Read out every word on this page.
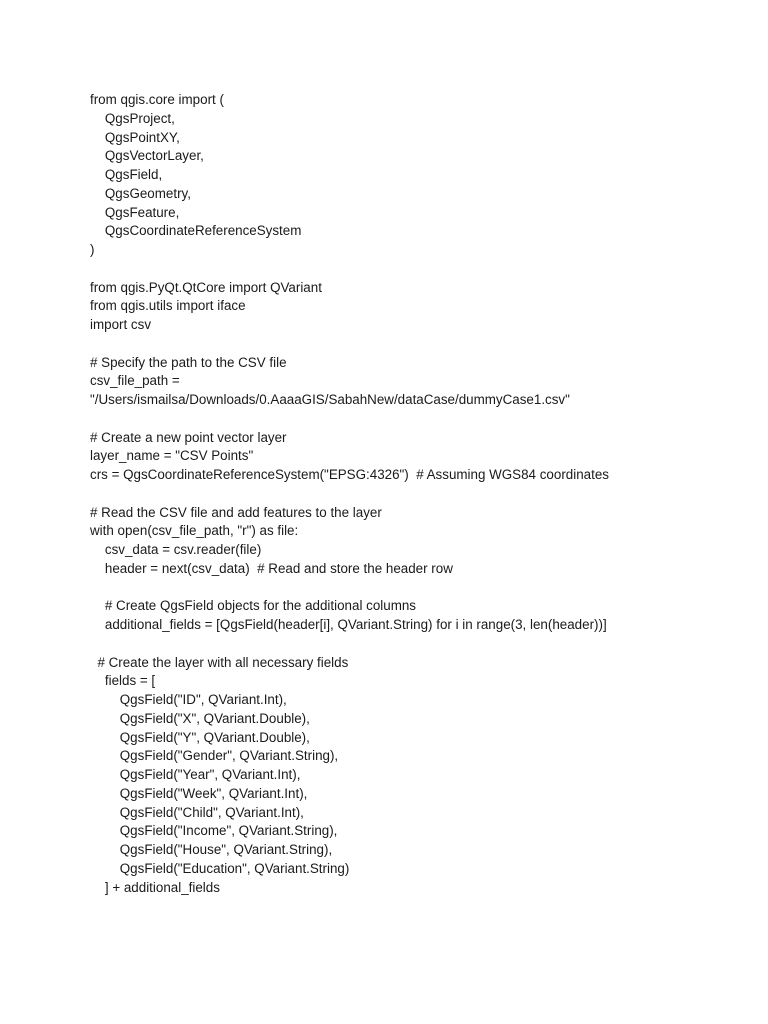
from qgis.core import (
QgsProject,
QgsPointXY,
QgsVectorLayer,
QgsField,
QgsGeometry,
QgsFeature,
QgsCoordinateReferenceSystem
)
from qgis.PyQt.QtCore import QVariant
from qgis.utils import iface
import csv
# Specify the path to the CSV file
csv_file_path =
"/Users/ismailsa/Downloads/0.AaaaGIS/SabahNew/dataCase/dummyCase1.csv"
# Create a new point vector layer
layer_name = "CSV Points"
crs = QgsCoordinateReferenceSystem("EPSG:4326")  # Assuming WGS84 coordinates
# Read the CSV file and add features to the layer
with open(csv_file_path, "r") as file:
csv_data = csv.reader(file)
header = next(csv_data)  # Read and store the header row
# Create QgsField objects for the additional columns
additional_fields = [QgsField(header[i], QVariant.String) for i in range(3, len(header))]
# Create the layer with all necessary fields
fields = [
QgsField("ID", QVariant.Int),
QgsField("X", QVariant.Double),
QgsField("Y", QVariant.Double),
QgsField("Gender", QVariant.String),
QgsField("Year", QVariant.Int),
QgsField("Week", QVariant.Int),
QgsField("Child", QVariant.Int),
QgsField("Income", QVariant.String),
QgsField("House", QVariant.String),
QgsField("Education", QVariant.String)
] + additional_fields
